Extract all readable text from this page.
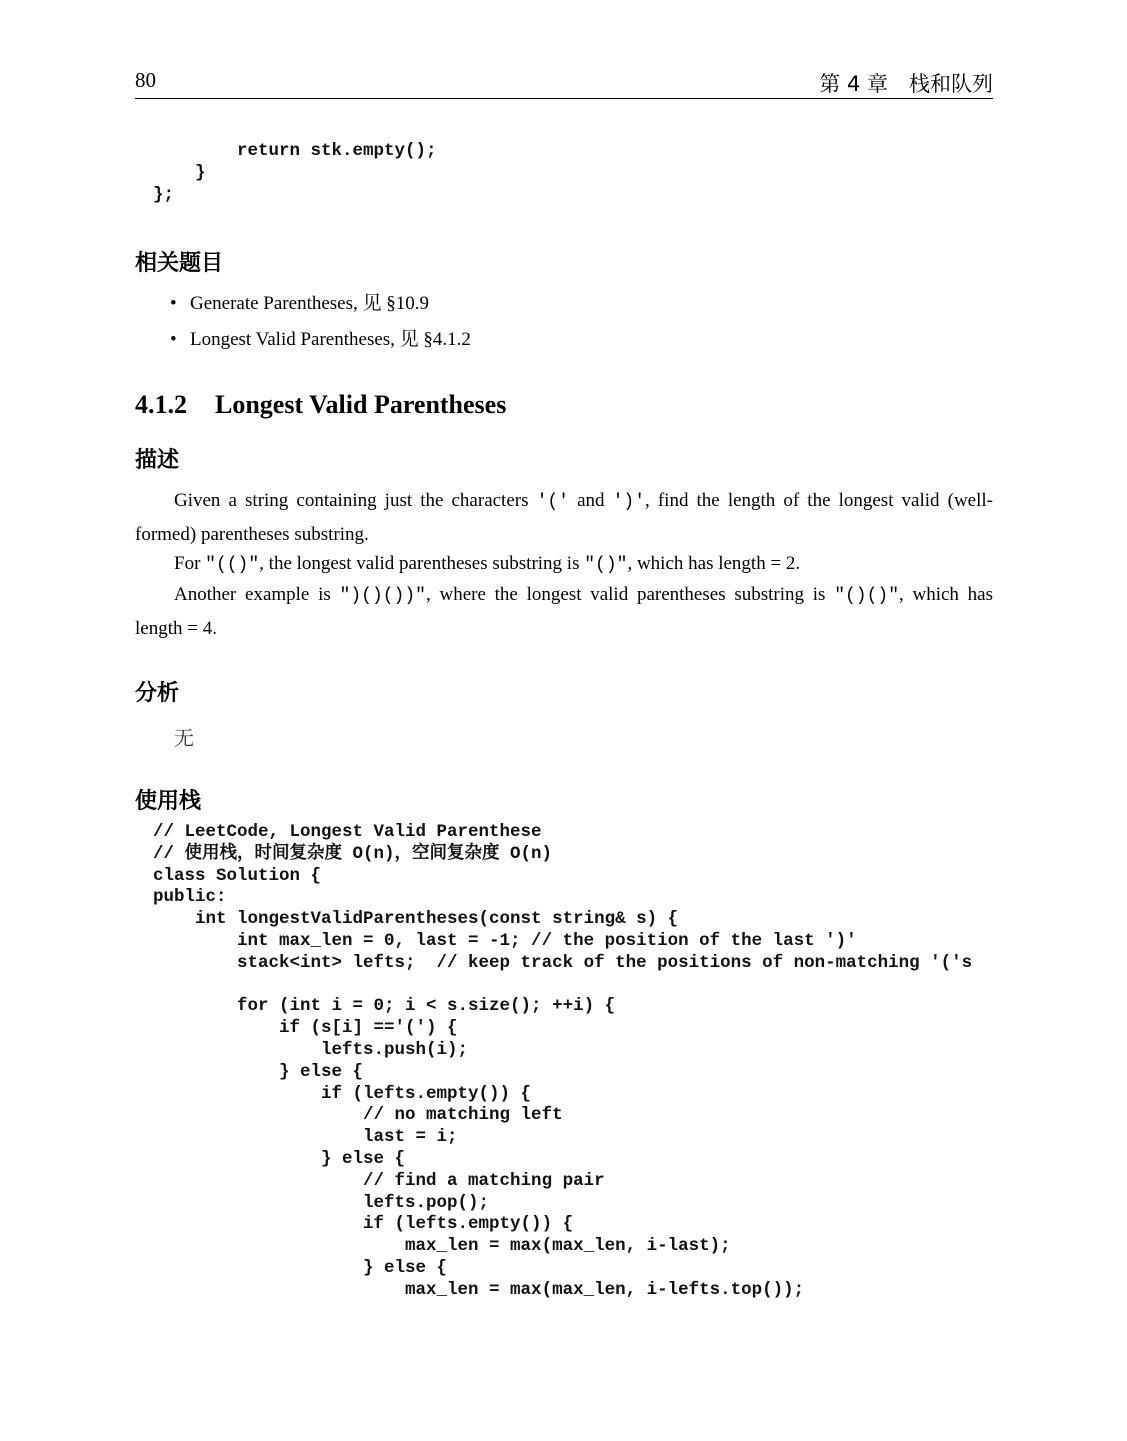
80	第 4 章　栈和队列
return stk.empty();
}
};
相关题目
• Generate Parentheses, 见 §10.9
• Longest Valid Parentheses, 见 §4.1.2
4.1.2 Longest Valid Parentheses
描述

Given a string containing just the characters '(' and ')', find the length of the longest valid (well-formed) parentheses substring.

For "(()", the longest valid parentheses substring is "()", which has length = 2.

Another example is ")()())", where the longest valid parentheses substring is "()()", which has length = 4.

分析
无
使用栈
// LeetCode, Longest Valid Parenthese
// 使用栈，时间复杂度 O(n)，空间复杂度 O(n)
class Solution {
public:
int longestValidParentheses(const string& s) {
int max_len = 0, last = -1; // the position of the last ')'
stack<int> lefts;  // keep track of the positions of non-matching '('s
for (int i = 0; i < s.size(); ++i) {
if (s[i] =='(') {
lefts.push(i);
} else {
if (lefts.empty()) {
// no matching left
last = i;
} else {
// find a matching pair
lefts.pop();
if (lefts.empty()) {
max_len = max(max_len, i-last);
} else {
max_len = max(max_len, i-lefts.top());
